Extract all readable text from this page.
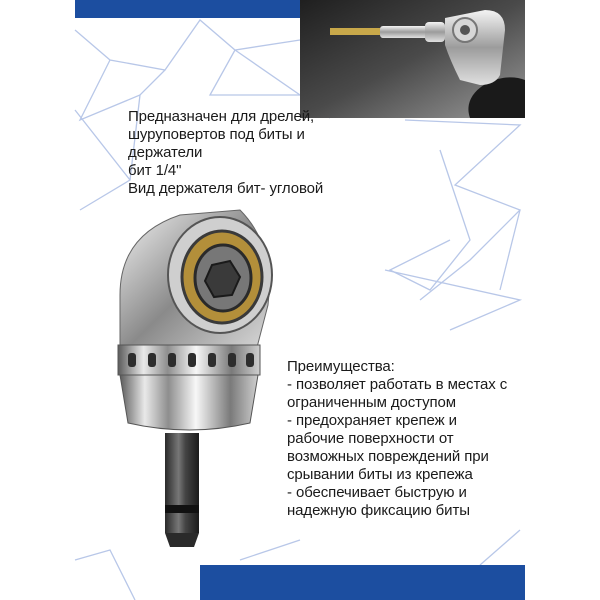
Предназначен для дрелей,
шуруповертов под биты и держатели
бит 1/4"
Вид держателя бит- угловой
Преимущества:
- позволяет работать в местах с
ограниченным доступом
- предохраняет крепеж и
рабочие поверхности от
возможных повреждений при
срывании биты из крепежа
- обеспечивает быструю и
надежную фиксацию биты
